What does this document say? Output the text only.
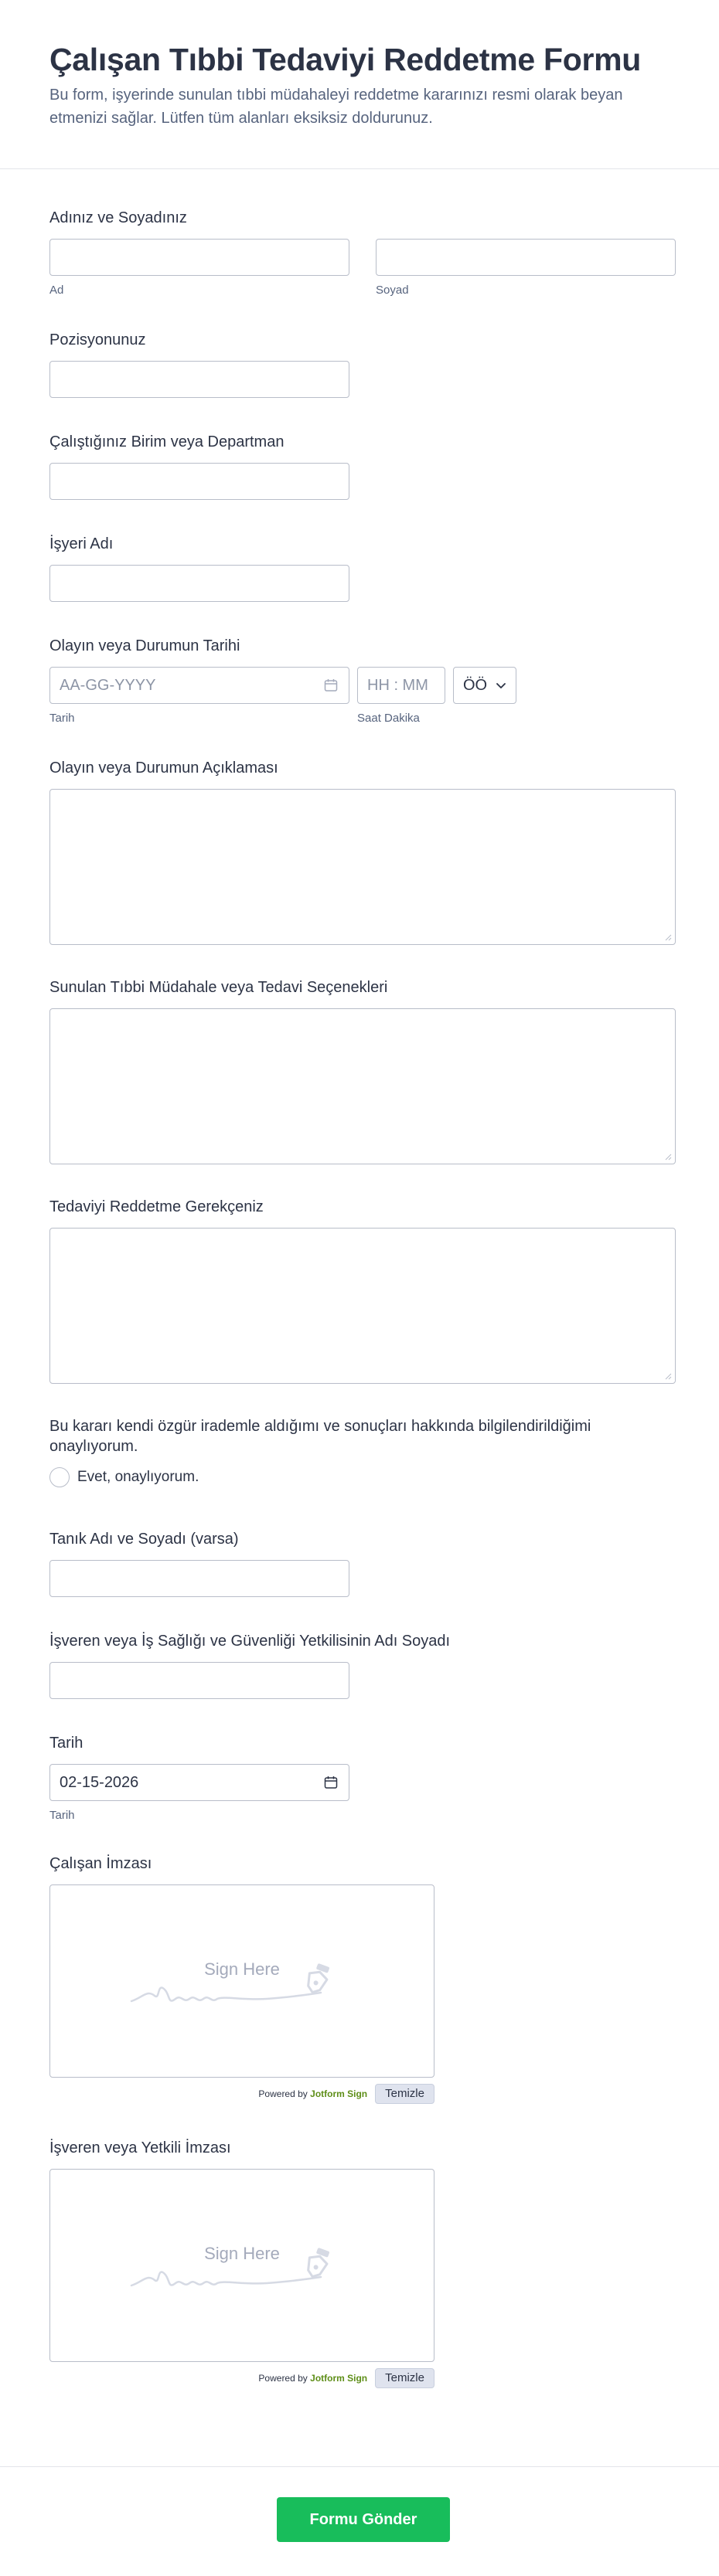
Çalışan Tıbbi Tedaviyi Reddetme Formu

Bu form, işyerinde sunulan tıbbi müdahaleyi reddetme kararınızı resmi olarak beyan etmenizi sağlar. Lütfen tüm alanları eksiksiz doldurunuz.

Adınız ve Soyadınız
Ad	Soyad
Pozisyonunuz
Çalıştığınız Birim veya Departman
İşyeri Adı
Olayın veya Durumun Tarihi
AA-GG-YYYY
Tarih
HH : MM
Saat Dakika
ÖÖ
Olayın veya Durumun Açıklaması
Sunulan Tıbbi Müdahale veya Tedavi Seçenekleri
Tedaviyi Reddetme Gerekçeniz
Bu kararı kendi özgür irademle aldığımı ve sonuçları hakkında bilgilendirildiğimi onaylıyorum.
Evet, onaylıyorum.
Tanık Adı ve Soyadı (varsa)
İşveren veya İş Sağlığı ve Güvenliği Yetkilisinin Adı Soyadı
Tarih
02-15-2026
Tarih
Çalışan İmzası
Sign Here
Powered by Jotform Sign	Temizle
İşveren veya Yetkili İmzası
Sign Here
Powered by Jotform Sign	Temizle
Formu Gönder
